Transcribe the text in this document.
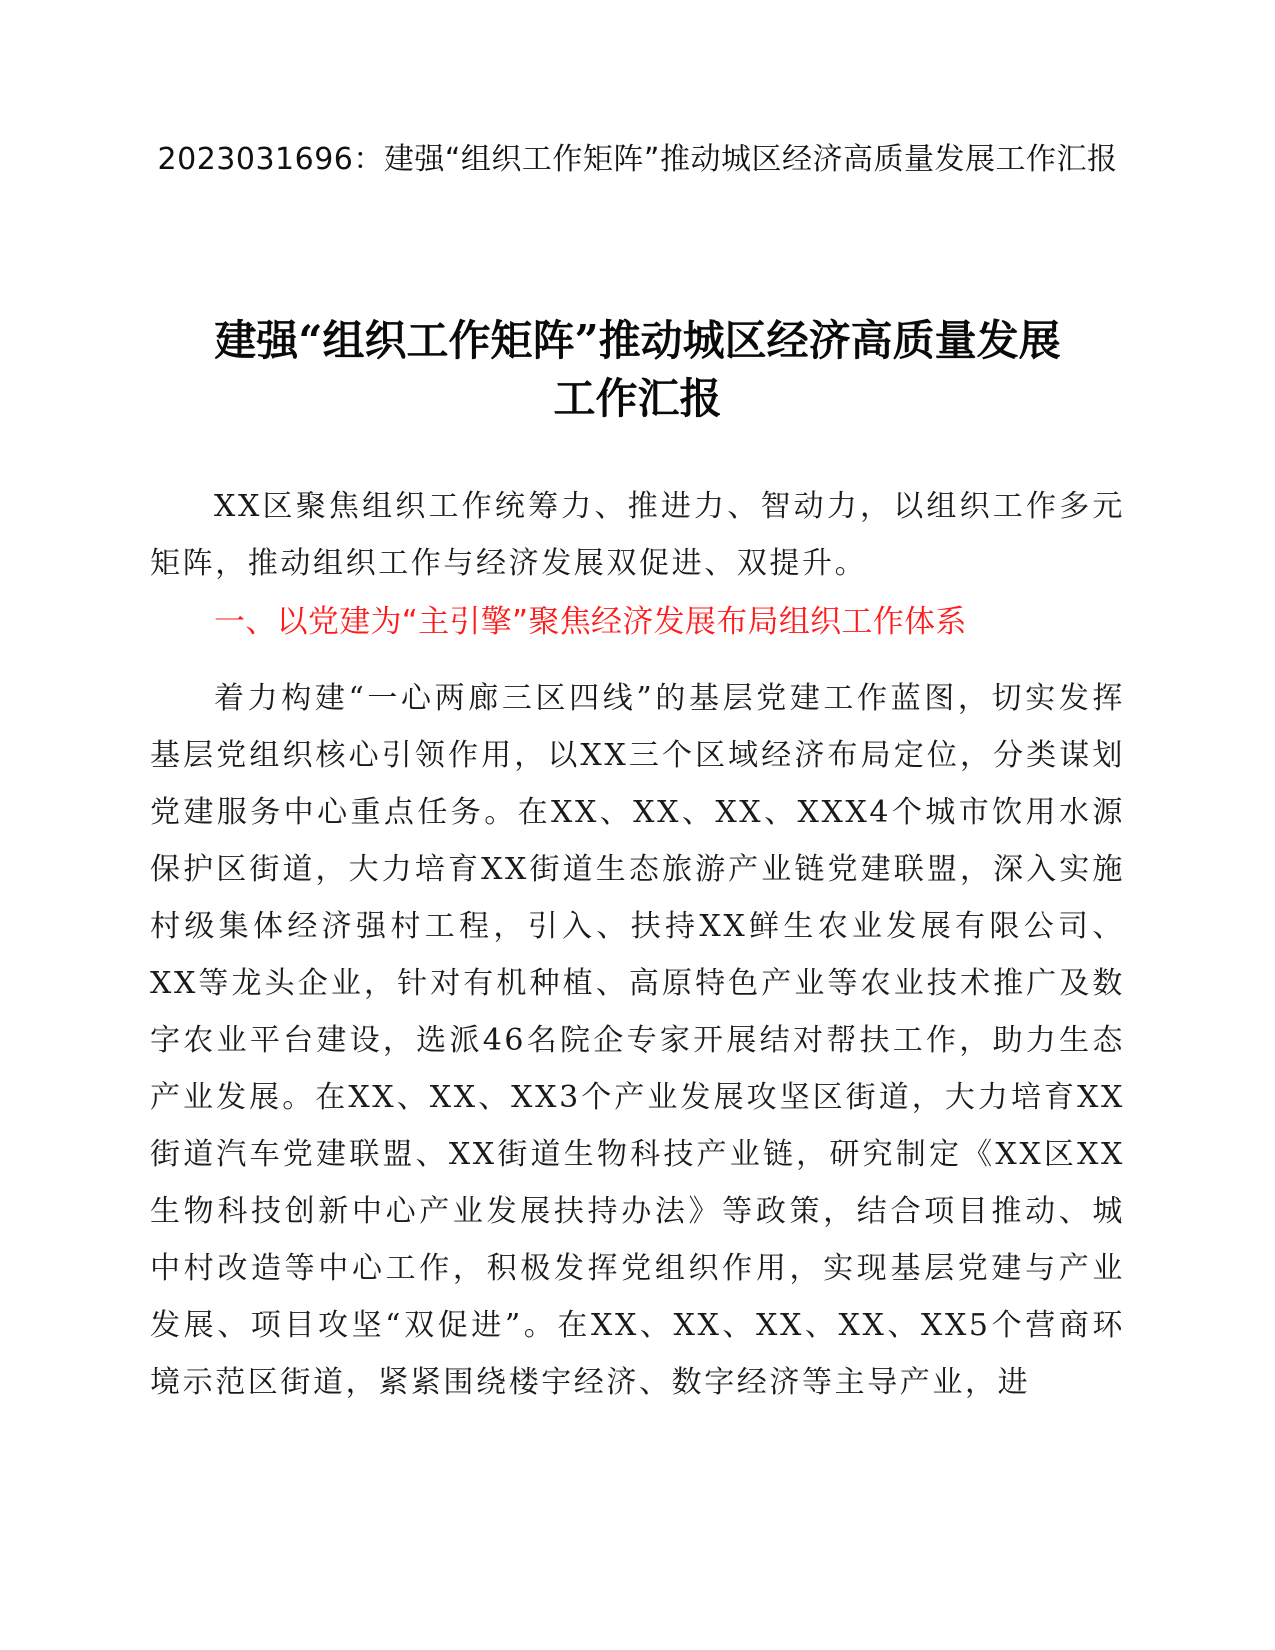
2023031696：建强“组织工作矩阵”推动城区经济高质量发展工作汇报
建强“组织工作矩阵”推动城区经济高质量发展
工作汇报

XX区聚焦组织工作统筹力、推进力、智动力，以组织工作多元矩阵，推动组织工作与经济发展双促进、双提升。

一、以党建为“主引擎”聚焦经济发展布局组织工作体系

着力构建“一心两廊三区四线”的基层党建工作蓝图，切实发挥基层党组织核心引领作用，以XX三个区域经济布局定位，分类谋划党建服务中心重点任务。在XX、XX、XX、XXX4个城市饮用水源保护区街道，大力培育XX街道生态旅游产业链党建联盟，深入实施村级集体经济强村工程，引入、扶持XX鲜生农业发展有限公司、XX等龙头企业，针对有机种植、高原特色产业等农业技术推广及数字农业平台建设，选派46名院企专家开展结对帮扶工作，助力生态产业发展。在XX、XX、XX3个产业发展攻坚区街道，大力培育XX街道汽车党建联盟、XX街道生物科技产业链，研究制定《XX区XX生物科技创新中心产业发展扶持办法》等政策，结合项目推动、城中村改造等中心工作，积极发挥党组织作用，实现基层党建与产业发展、项目攻坚“双促进”。在XX、XX、XX、XX、XX5个营商环境示范区街道，紧紧围绕楼宇经济、数字经济等主导产业，进
